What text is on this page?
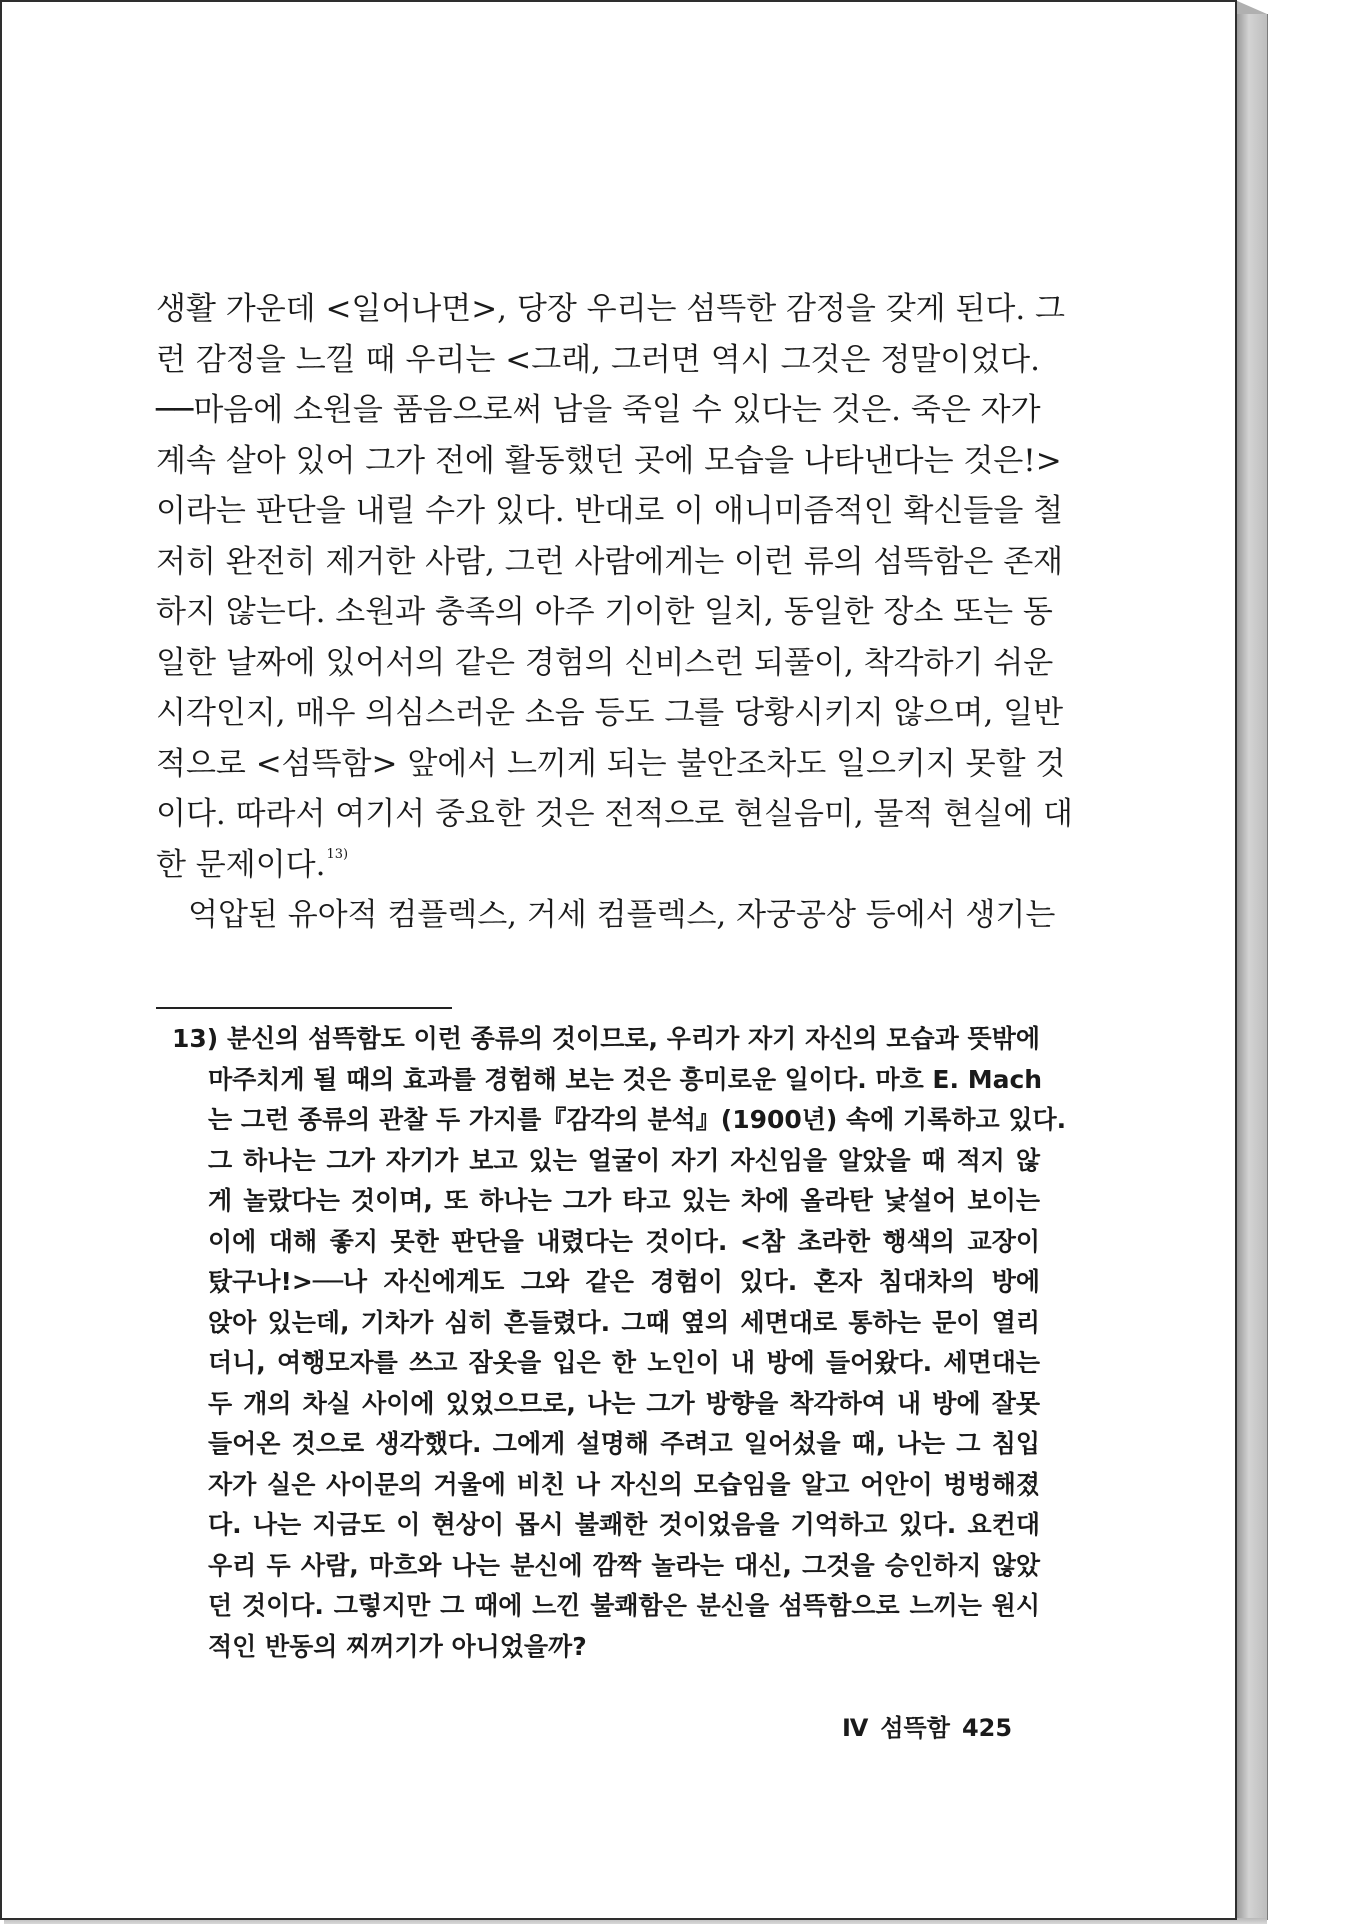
생활 가운데 <일어나면>, 당장 우리는 섬뜩한 감정을 갖게 된다. 그
런 감정을 느낄 때 우리는 <그래, 그러면 역시 그것은 정말이었다.
──마음에 소원을 품음으로써 남을 죽일 수 있다는 것은. 죽은 자가
계속 살아 있어 그가 전에 활동했던 곳에 모습을 나타낸다는 것은!>
이라는 판단을 내릴 수가 있다. 반대로 이 애니미즘적인 확신들을 철
저히 완전히 제거한 사람, 그런 사람에게는 이런 류의 섬뜩함은 존재
하지 않는다. 소원과 충족의 아주 기이한 일치, 동일한 장소 또는 동
일한 날짜에 있어서의 같은 경험의 신비스런 되풀이, 착각하기 쉬운
시각인지, 매우 의심스러운 소음 등도 그를 당황시키지 않으며, 일반
적으로 <섬뜩함> 앞에서 느끼게 되는 불안조차도 일으키지 못할 것
이다. 따라서 여기서 중요한 것은 전적으로 현실음미, 물적 현실에 대
한 문제이다.$^{13)}$
억압된 유아적 컴플렉스, 거세 컴플렉스, 자궁공상 등에서 생기는
13) 분신의 섬뜩함도 이런 종류의 것이므로, 우리가 자기 자신의 모습과 뜻밖에
마주치게 될 때의 효과를 경험해 보는 것은 흥미로운 일이다. 마흐 E. Mach
는 그런 종류의 관찰 두 가지를『감각의 분석』(1900년) 속에 기록하고 있다.
그 하나는 그가 자기가 보고 있는 얼굴이 자기 자신임을 알았을 때 적지 않
게 놀랐다는 것이며, 또 하나는 그가 타고 있는 차에 올라탄 낯설어 보이는
이에 대해 좋지 못한 판단을 내렸다는 것이다. <참 초라한 행색의 교장이
탔구나!>──나 자신에게도 그와 같은 경험이 있다. 혼자 침대차의 방에
앉아 있는데, 기차가 심히 흔들렸다. 그때 옆의 세면대로 통하는 문이 열리
더니, 여행모자를 쓰고 잠옷을 입은 한 노인이 내 방에 들어왔다. 세면대는
두 개의 차실 사이에 있었으므로, 나는 그가 방향을 착각하여 내 방에 잘못
들어온 것으로 생각했다. 그에게 설명해 주려고 일어섰을 때, 나는 그 침입
자가 실은 사이문의 거울에 비친 나 자신의 모습임을 알고 어안이 벙벙해졌
다. 나는 지금도 이 현상이 몹시 불쾌한 것이었음을 기억하고 있다. 요컨대
우리 두 사람, 마흐와 나는 분신에 깜짝 놀라는 대신, 그것을 승인하지 않았
던 것이다. 그렇지만 그 때에 느낀 불쾌함은 분신을 섬뜩함으로 느끼는 원시
적인 반동의 찌꺼기가 아니었을까?
Ⅳ 섬뜩함 425
